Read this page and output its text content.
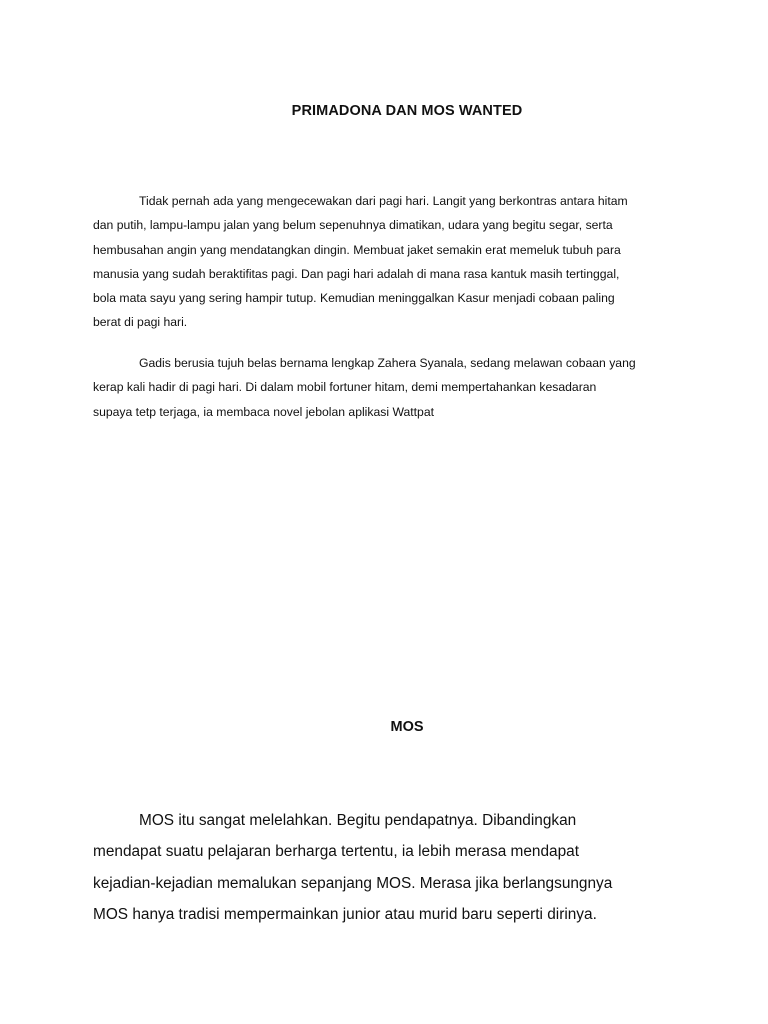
PRIMADONA DAN MOS WANTED

Tidak pernah ada yang mengecewakan dari pagi hari. Langit yang berkontras antara hitam
dan putih, lampu-lampu jalan yang belum sepenuhnya dimatikan, udara yang begitu segar, serta
hembusahan angin yang mendatangkan dingin. Membuat jaket semakin erat memeluk tubuh para
manusia yang sudah beraktifitas pagi. Dan pagi hari adalah di mana rasa kantuk masih tertinggal,
bola mata sayu yang sering hampir tutup. Kemudian meninggalkan Kasur menjadi cobaan paling
berat di pagi hari.

Gadis berusia tujuh belas bernama lengkap Zahera Syanala, sedang melawan cobaan yang
kerap kali hadir di pagi hari. Di dalam mobil fortuner hitam, demi mempertahankan kesadaran
supaya tetp terjaga, ia membaca novel jebolan aplikasi Wattpat

MOS

MOS itu sangat melelahkan. Begitu pendapatnya. Dibandingkan
mendapat suatu pelajaran berharga tertentu, ia lebih merasa mendapat
kejadian-kejadian memalukan sepanjang MOS. Merasa jika berlangsungnya
MOS hanya tradisi mempermainkan junior atau murid baru seperti dirinya.
